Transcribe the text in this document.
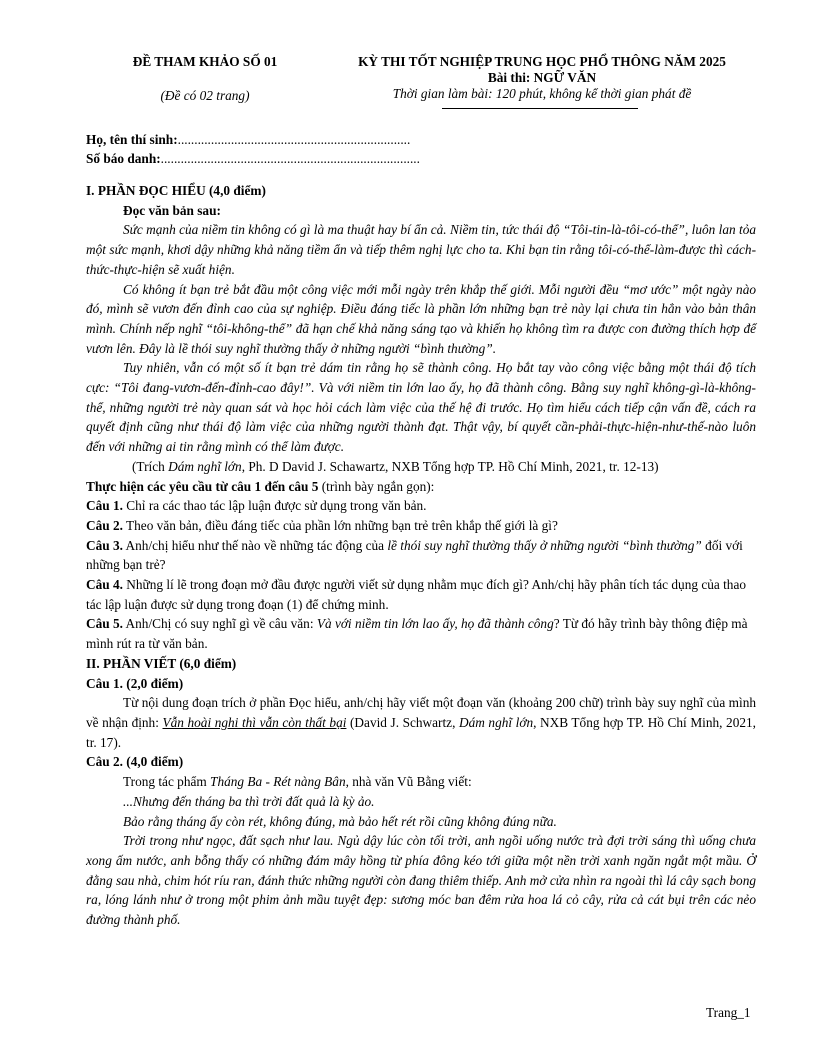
ĐỀ THAM KHẢO SỐ 01
(Đề có 02 trang)
KỲ THI TỐT NGHIỆP TRUNG HỌC PHỔ THÔNG NĂM 2025
Bài thi: NGỮ VĂN
Thời gian làm bài: 120 phút, không kể thời gian phát đề
Họ, tên thí sinh:......................................................................
Số báo danh:..............................................................................

I. PHẦN ĐỌC HIỂU (4,0 điểm)

Đọc văn bản sau:

Sức mạnh của niềm tin không có gì là ma thuật hay bí ẩn cả. Niềm tin, tức thái độ “Tôi-tin-là-tôi-có-thể”, luôn lan tỏa một sức mạnh, khơi dậy những khả năng tiềm ẩn và tiếp thêm nghị lực cho ta. Khi bạn tin rằng tôi-có-thể-làm-được thì cách-thức-thực-hiện sẽ xuất hiện.

Có không ít bạn trẻ bắt đầu một công việc mới mỗi ngày trên khắp thế giới. Mỗi người đều “mơ ước” một ngày nào đó, mình sẽ vươn đến đỉnh cao của sự nghiệp. Điều đáng tiếc là phần lớn những bạn trẻ này lại chưa tin hẳn vào bản thân mình. Chính nếp nghĩ “tôi-không-thể” đã hạn chế khả năng sáng tạo và khiến họ không tìm ra được con đường thích hợp để vươn lên. Đây là lề thói suy nghĩ thường thấy ở những người “bình thường”.

Tuy nhiên, vẫn có một số ít bạn trẻ dám tin rằng họ sẽ thành công. Họ bắt tay vào công việc bằng một thái độ tích cực: “Tôi đang-vươn-đến-đỉnh-cao đây!”. Và với niềm tin lớn lao ấy, họ đã thành công. Bằng suy nghĩ không-gì-là-không-thể, những người trẻ này quan sát và học hỏi cách làm việc của thế hệ đi trước. Họ tìm hiểu cách tiếp cận vấn đề, cách ra quyết định cũng như thái độ làm việc của những người thành đạt. Thật vậy, bí quyết cần-phải-thực-hiện-như-thế-nào luôn đến với những ai tin rằng mình có thể làm được.

(Trích Dám nghĩ lớn, Ph. D David J. Schawartz, NXB Tổng hợp TP. Hồ Chí Minh, 2021, tr. 12-13)

Thực hiện các yêu cầu từ câu 1 đến câu 5 (trình bày ngắn gọn):

Câu 1. Chỉ ra các thao tác lập luận được sử dụng trong văn bản.

Câu 2. Theo văn bản, điều đáng tiếc của phần lớn những bạn trẻ trên khắp thế giới là gì?

Câu 3. Anh/chị hiểu như thế nào về những tác động của lề thói suy nghĩ thường thấy ở những người “bình thường” đối với những bạn trẻ?

Câu 4. Những lí lẽ trong đoạn mở đầu được người viết sử dụng nhằm mục đích gì? Anh/chị hãy phân tích tác dụng của thao tác lập luận được sử dụng trong đoạn (1) để chứng minh.

Câu 5. Anh/Chị có suy nghĩ gì về câu văn: Và với niềm tin lớn lao ấy, họ đã thành công? Từ đó hãy trình bày thông điệp mà mình rút ra từ văn bản.

II. PHẦN VIẾT (6,0 điểm)

Câu 1. (2,0 điểm)

Từ nội dung đoạn trích ở phần Đọc hiểu, anh/chị hãy viết một đoạn văn (khoảng 200 chữ) trình bày suy nghĩ của mình về nhận định: Vẫn hoài nghi thì vẫn còn thất bại (David J. Schwartz, Dám nghĩ lớn, NXB Tổng hợp TP. Hồ Chí Minh, 2021, tr. 17).

Câu 2. (4,0 điểm)

Trong tác phẩm Tháng Ba - Rét nàng Bân, nhà văn Vũ Bằng viết:

...Nhưng đến tháng ba thì trời đất quả là kỳ ảo.

Bảo rằng tháng ấy còn rét, không đúng, mà bảo hết rét rồi cũng không đúng nữa.

Trời trong như ngọc, đất sạch như lau. Ngủ dậy lúc còn tối trời, anh ngồi uống nước trà đợi trời sáng thì uống chưa xong ấm nước, anh bỗng thấy có những đám mây hồng từ phía đông kéo tới giữa một nền trời xanh ngăn ngắt một mầu. Ở đằng sau nhà, chim hót ríu ran, đánh thức những người còn đang thiêm thiếp. Anh mở cửa nhìn ra ngoài thì lá cây sạch bong ra, lóng lánh như ở trong một phim ảnh mầu tuyệt đẹp: sương móc ban đêm rửa hoa lá cỏ cây, rửa cả cát bụi trên các nẻo đường thành phố.

Trang_1
